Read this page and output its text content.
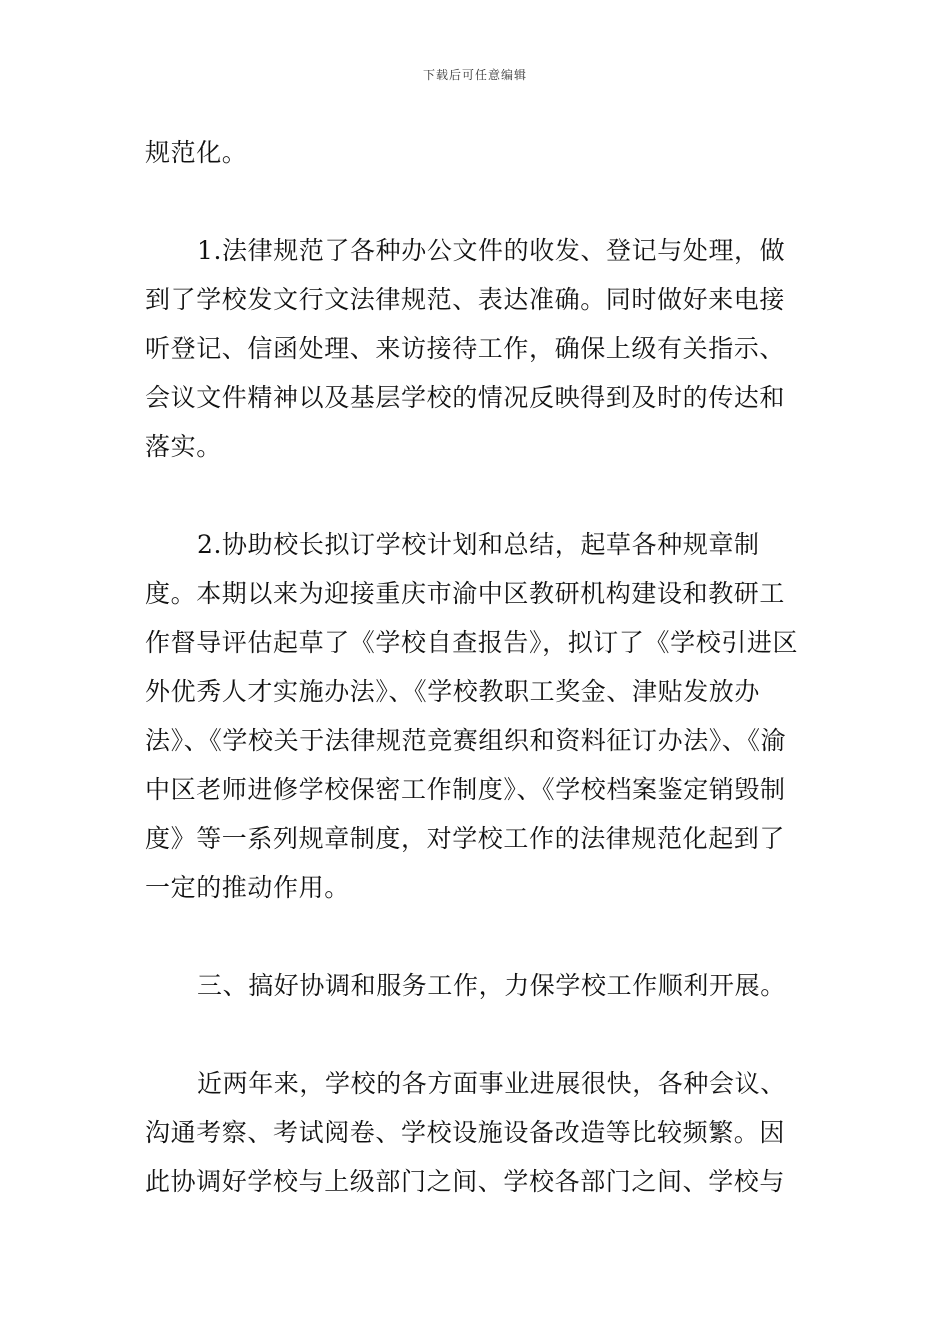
下载后可任意编辑

规范化。

1.法律规范了各种办公文件的收发、登记与处理，做到了学校发文行文法律规范、表达准确。同时做好来电接听登记、信函处理、来访接待工作，确保上级有关指示、会议文件精神以及基层学校的情况反映得到及时的传达和落实。

2.协助校长拟订学校计划和总结，起草各种规章制度。本期以来为迎接重庆市渝中区教研机构建设和教研工作督导评估起草了《学校自查报告》，拟订了《学校引进区外优秀人才实施办法》、《学校教职工奖金、津贴发放办法》、《学校关于法律规范竞赛组织和资料征订办法》、《渝中区老师进修学校保密工作制度》、《学校档案鉴定销毁制度》等一系列规章制度，对学校工作的法律规范化起到了一定的推动作用。

三、搞好协调和服务工作，力保学校工作顺利开展。

近两年来，学校的各方面事业进展很快，各种会议、沟通考察、考试阅卷、学校设施设备改造等比较频繁。因此协调好学校与上级部门之间、学校各部门之间、学校与
